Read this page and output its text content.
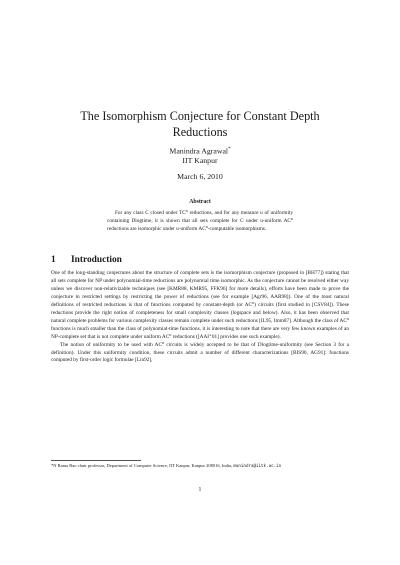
The Isomorphism Conjecture for Constant Depth Reductions
Manindra Agrawal*
IIT Kanpur
March 6, 2010
Abstract
For any class C closed under TC⁰ reductions, and for any measure u of uniformity containing Dlogtime, it is shown that all sets complete for C under u-uniform AC⁰ reductions are isomorphic under u-uniform AC⁰-computable isomorphisms.
1 Introduction

One of the long-standing conjectures about the structure of complete sets is the isomorphism conjecture (proposed in [BH77]) stating that all sets complete for NP under polynomial-time reductions are polynomial time isomorphic. As the conjecture cannot be resolved either way unless we discover non-relativizable techniques (see [KMR88, KMR95, FFK96] for more details), efforts have been made to prove the conjecture in restricted settings by restricting the power of reductions (see for example [Agr96, AAR98]). One of the most natural definitions of restricted reductions is that of functions computed by constant-depth (or AC⁰) circuits (first studied in [CSV84]). These reductions provide the right notion of completeness for small complexity classes (logspace and below). Also, it has been observed that natural complete problems for various complexity classes remain complete under such reductions [IL95, Imm87]. Although the class of AC⁰ functions is much smaller than the class of polynomial-time functions, it is interesting to note that there are very few known examples of an NP-complete set that is not complete under uniform AC⁰ reductions ([AAI⁺01] provides one such example).

The notion of uniformity to be used with AC⁰ circuits is widely accepted to be that of Dlogtime-uniformity (see Section 3 for a definition). Under this uniformity condition, these circuits admit a number of different characterizations [BIS90, AG91]: functions computed by first-order logic formulae [Lin92],

*N Rama Rao chair professor, Department of Computer Science, IIT Kanpur, Kanpur 208016, India, manindra@iitk.ac.in
1
